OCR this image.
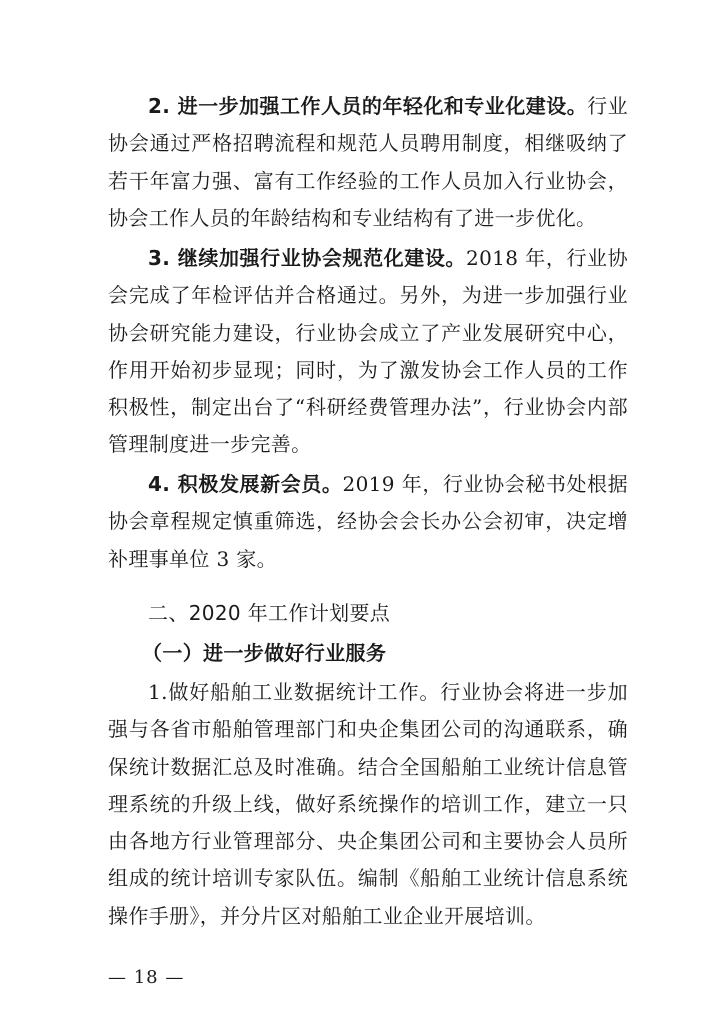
2. 进一步加强工作人员的年轻化和专业化建设。行业协会通过严格招聘流程和规范人员聘用制度，相继吸纳了若干年富力强、富有工作经验的工作人员加入行业协会，协会工作人员的年龄结构和专业结构有了进一步优化。

3. 继续加强行业协会规范化建设。2018 年，行业协会完成了年检评估并合格通过。另外，为进一步加强行业协会研究能力建设，行业协会成立了产业发展研究中心，作用开始初步显现；同时，为了激发协会工作人员的工作积极性，制定出台了“科研经费管理办法”，行业协会内部管理制度进一步完善。

4. 积极发展新会员。2019 年，行业协会秘书处根据协会章程规定慎重筛选，经协会会长办公会初审，决定增补理事单位 3 家。

二、2020 年工作计划要点

（一）进一步做好行业服务

1.做好船舶工业数据统计工作。行业协会将进一步加强与各省市船舶管理部门和央企集团公司的沟通联系，确保统计数据汇总及时准确。结合全国船舶工业统计信息管理系统的升级上线，做好系统操作的培训工作，建立一只由各地方行业管理部分、央企集团公司和主要协会人员所组成的统计培训专家队伍。编制《船舶工业统计信息系统操作手册》，并分片区对船舶工业企业开展培训。

— 18 —
